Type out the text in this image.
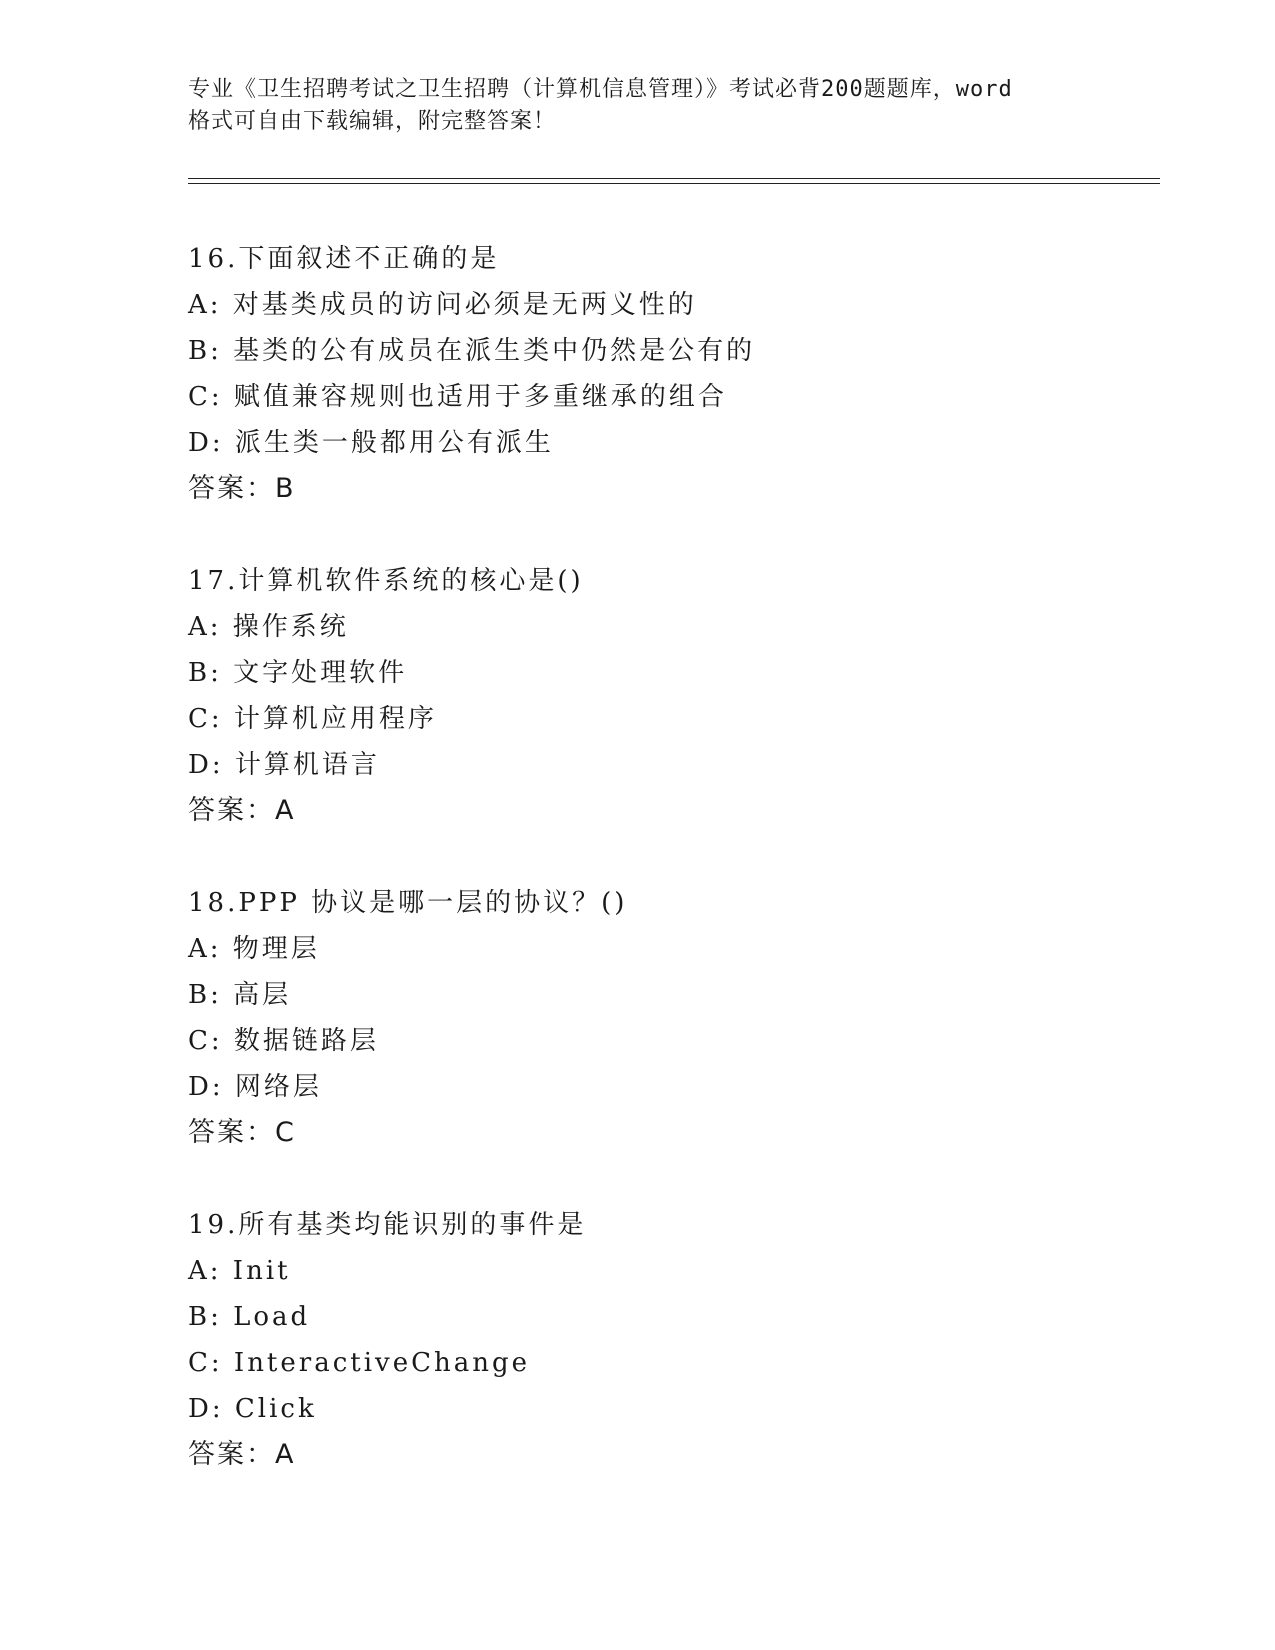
专业《卫生招聘考试之卫生招聘（计算机信息管理）》考试必背200题题库，word
格式可自由下载编辑，附完整答案！
16.下面叙述不正确的是
A: 对基类成员的访问必须是无两义性的
B: 基类的公有成员在派生类中仍然是公有的
C: 赋值兼容规则也适用于多重继承的组合
D: 派生类一般都用公有派生
答案：B
17.计算机软件系统的核心是()
A: 操作系统
B: 文字处理软件
C: 计算机应用程序
D: 计算机语言
答案：A
18.PPP 协议是哪一层的协议？()
A: 物理层
B: 高层
C: 数据链路层
D: 网络层
答案：C
19.所有基类均能识别的事件是
A: Init
B: Load
C: InteractiveChange
D: Click
答案：A
